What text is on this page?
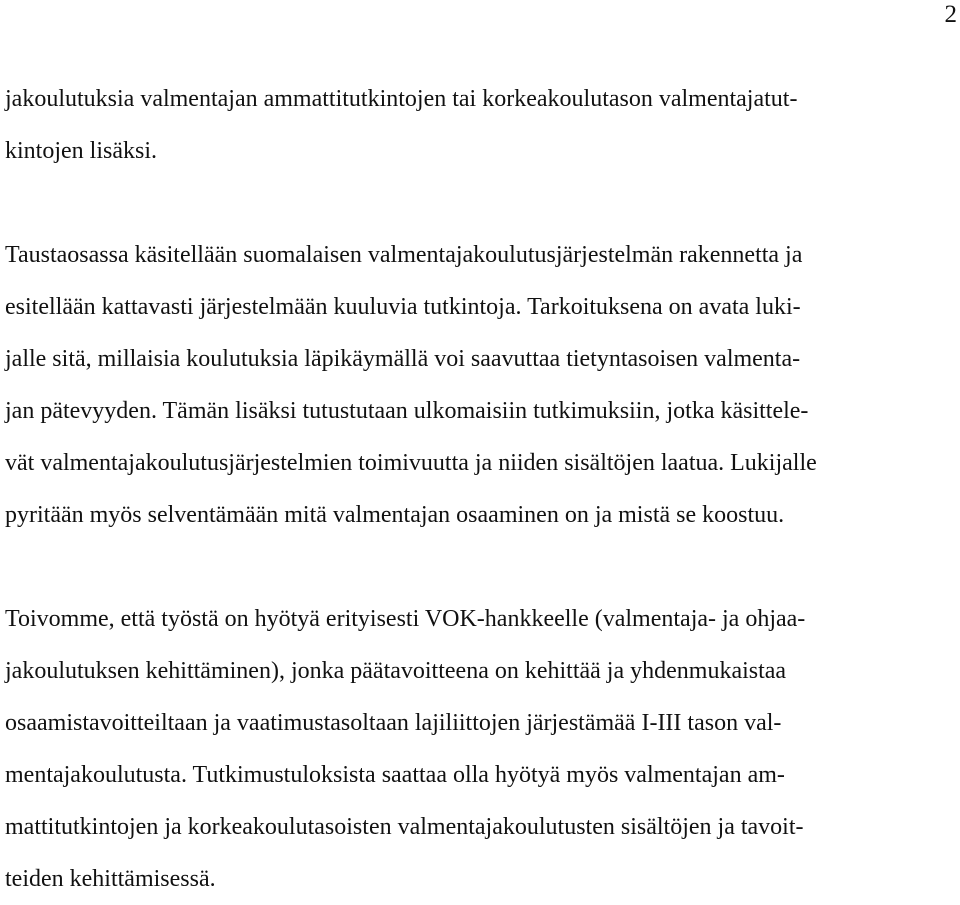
2

jakoulutuksia valmentajan ammattitutkintojen tai korkeakoulutason valmentajatut-
kintojen lisäksi.

Taustaosassa käsitellään suomalaisen valmentajakoulutusjärjestelmän rakennetta ja
esitellään kattavasti järjestelmään kuuluvia tutkintoja. Tarkoituksena on avata luki-
jalle sitä, millaisia koulutuksia läpikäymällä voi saavuttaa tietyntasoisen valmenta-
jan pätevyyden. Tämän lisäksi tutustutaan ulkomaisiin tutkimuksiin, jotka käsittele-
vät valmentajakoulutusjärjestelmien toimivuutta ja niiden sisältöjen laatua. Lukijalle
pyritään myös selventämään mitä valmentajan osaaminen on ja mistä se koostuu.

Toivomme, että työstä on hyötyä erityisesti VOK-hankkeelle (valmentaja- ja ohjaa-
jakoulutuksen kehittäminen), jonka päätavoitteena on kehittää ja yhdenmukaistaa
osaamistavoitteiltaan ja vaatimustasoltaan lajiliittojen järjestämää I-III tason val-
mentajakoulutusta. Tutkimustuloksista saattaa olla hyötyä myös valmentajan am-
mattitutkintojen ja korkeakoulutasoisten valmentajakoulutusten sisältöjen ja tavoit-
teiden kehittämisessä.
